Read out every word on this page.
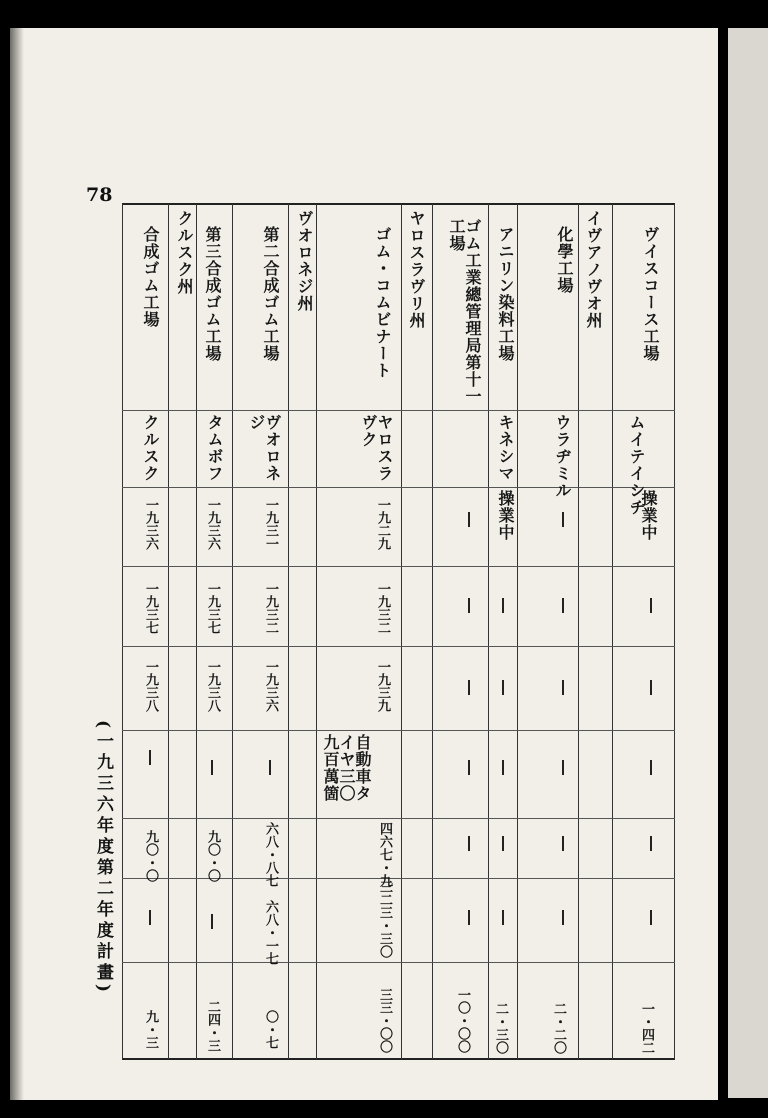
78
ヴイスコース工場
ムイテイシチ
操業中
一・四二
イヴアノヴオ州
化學工場
ウラヂミル
二・二〇
アニリン染料工場
キネシマ
操業中
二・三〇
ゴム工業總管理局第十一工場
一〇・〇〇
ヤロスラヴリ州
ゴム・コムビナート
ヤロスラヴク
一九二九
一九三二
一九三九
自動車タイヤ三〇九百萬箇
四六七・九
三二三・三〇
三三・〇〇
ヴオロネジ州
第二合成ゴム工場
ヴオロネジ
一九三一
一九三二
一九三六
六八・八七
六八・一七
〇・七
第三合成ゴム工場
タムボフ
一九三六
一九三七
一九三八
九〇・〇
二四・三
クルスク州
合成ゴム工場
クルスク
一九三六
一九三七
一九三八
九〇・〇
九・三
(一九三六年度第二年度計畫)
